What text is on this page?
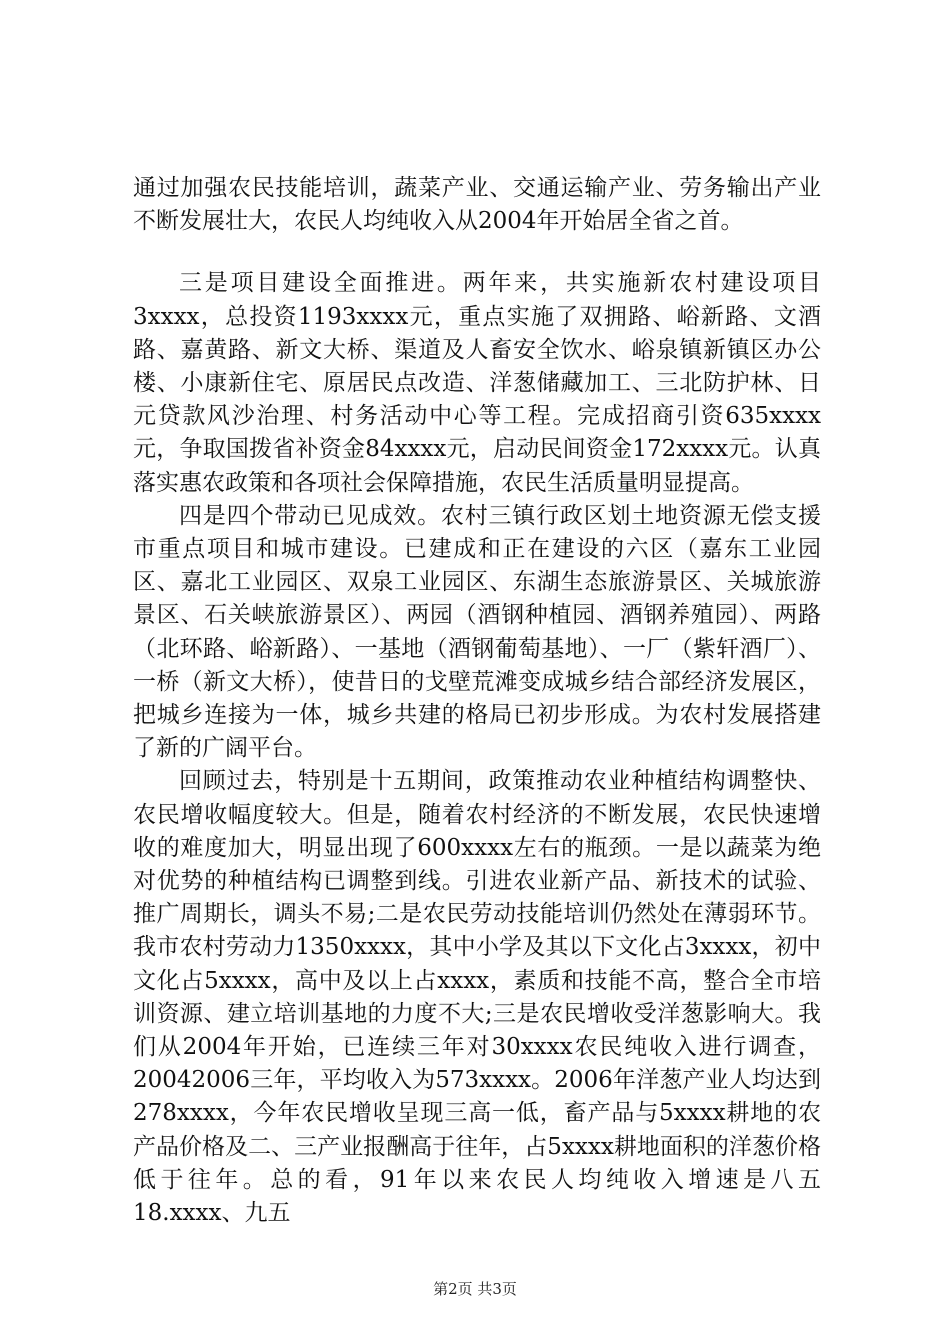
通过加强农民技能培训，蔬菜产业、交通运输产业、劳务输出产业不断发展壮大，农民人均纯收入从2004年开始居全省之首。

三是项目建设全面推进。两年来，共实施新农村建设项目3xxxx，总投资1193xxxx元，重点实施了双拥路、峪新路、文酒路、嘉黄路、新文大桥、渠道及人畜安全饮水、峪泉镇新镇区办公楼、小康新住宅、原居民点改造、洋葱储藏加工、三北防护林、日元贷款风沙治理、村务活动中心等工程。完成招商引资635xxxx元，争取国拨省补资金84xxxx元，启动民间资金172xxxx元。认真落实惠农政策和各项社会保障措施，农民生活质量明显提高。

四是四个带动已见成效。农村三镇行政区划土地资源无偿支援市重点项目和城市建设。已建成和正在建设的六区（嘉东工业园区、嘉北工业园区、双泉工业园区、东湖生态旅游景区、关城旅游景区、石关峡旅游景区）、两园（酒钢种植园、酒钢养殖园）、两路（北环路、峪新路）、一基地（酒钢葡萄基地）、一厂（紫轩酒厂）、一桥（新文大桥），使昔日的戈壁荒滩变成城乡结合部经济发展区，把城乡连接为一体，城乡共建的格局已初步形成。为农村发展搭建了新的广阔平台。

回顾过去，特别是十五期间，政策推动农业种植结构调整快、农民增收幅度较大。但是，随着农村经济的不断发展，农民快速增收的难度加大，明显出现了600xxxx左右的瓶颈。一是以蔬菜为绝对优势的种植结构已调整到线。引进农业新产品、新技术的试验、推广周期长，调头不易;二是农民劳动技能培训仍然处在薄弱环节。我市农村劳动力1350xxxx，其中小学及其以下文化占3xxxx，初中文化占5xxxx，高中及以上占xxxx，素质和技能不高，整合全市培训资源、建立培训基地的力度不大;三是农民增收受洋葱影响大。我们从2004年开始，已连续三年对30xxxx农民纯收入进行调查，20042006三年，平均收入为573xxxx。2006年洋葱产业人均达到278xxxx，今年农民增收呈现三高一低，畜产品与5xxxx耕地的农产品价格及二、三产业报酬高于往年，占5xxxx耕地面积的洋葱价格低于往年。总的看，91年以来农民人均纯收入增速是八五18.xxxx、九五

第2页 共3页
